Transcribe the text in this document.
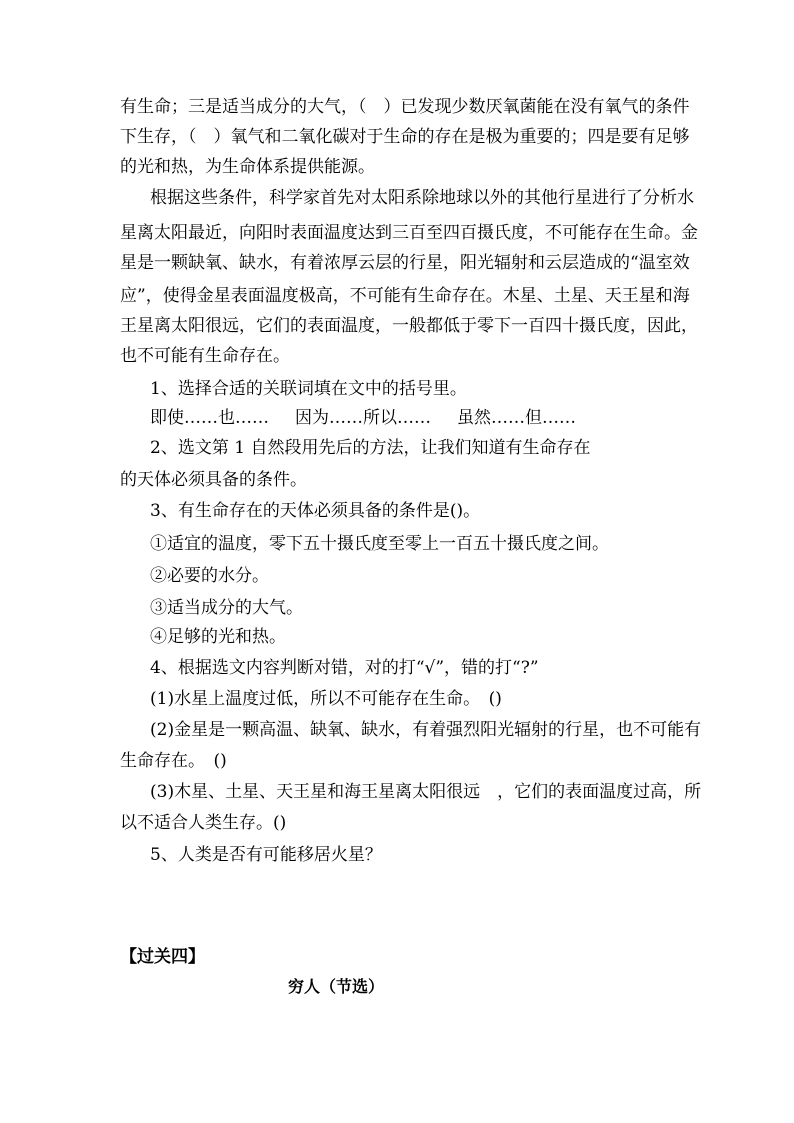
有生命；三是适当成分的大气，（　）已发现少数厌氧菌能在没有氧气的条件
下生存，（　）氧气和二氧化碳对于生命的存在是极为重要的；四是要有足够
的光和热，为生命体系提供能源。
根据这些条件，科学家首先对太阳系除地球以外的其他行星进行了分析水
星离太阳最近，向阳时表面温度达到三百至四百摄氏度，不可能存在生命。金
星是一颗缺氧、缺水，有着浓厚云层的行星，阳光辐射和云层造成的“温室效
应”，使得金星表面温度极高，不可能有生命存在。木星、土星、天王星和海
王星离太阳很远，它们的表面温度，一般都低于零下一百四十摄氏度，因此，
也不可能有生命存在。
1、选择合适的关联词填在文中的括号里。
即使……也…… 因为……所以…… 虽然……但……
2、选文第 1 自然段用先后的方法，让我们知道有生命存在
的天体必须具备的条件。
3、有生命存在的天体必须具备的条件是()。
①适宜的温度，零下五十摄氏度至零上一百五十摄氏度之间。
②必要的水分。
③适当成分的大气。
④足够的光和热。
4、根据选文内容判断对错，对的打“√”，错的打“?”
(1)水星上温度过低，所以不可能存在生命。　()
(2)金星是一颗高温、缺氧、缺水，有着强烈阳光辐射的行星，也不可能有
生命存在。　()
(3)木星、土星、天王星和海王星离太阳很远　，它们的表面温度过高，所
以不适合人类生存。()
5、人类是否有可能移居火星？
【过关四】
穷人（节选）
